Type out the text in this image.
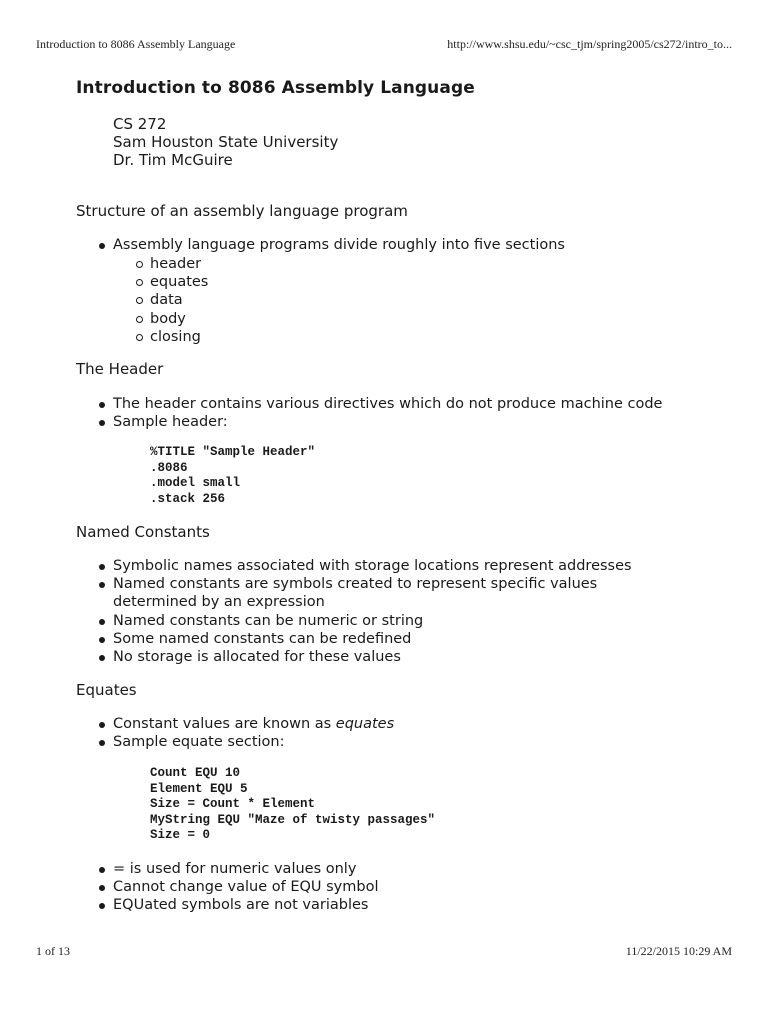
Introduction to 8086 Assembly Language	http://www.shsu.edu/~csc_tjm/spring2005/cs272/intro_to...
Introduction to 8086 Assembly Language
CS 272
Sam Houston State University
Dr. Tim McGuire
Structure of an assembly language program
Assembly language programs divide roughly into five sections
header
equates
data
body
closing
The Header
The header contains various directives which do not produce machine code
Sample header:
%TITLE "Sample Header"
.8086
.model small
.stack 256
Named Constants
Symbolic names associated with storage locations represent addresses
Named constants are symbols created to represent specific values
determined by an expression
Named constants can be numeric or string
Some named constants can be redefined
No storage is allocated for these values
Equates
Constant values are known as equates
Sample equate section:
Count EQU 10
Element EQU 5
Size = Count * Element
MyString EQU "Maze of twisty passages"
Size = 0
= is used for numeric values only
Cannot change value of EQU symbol
EQUated symbols are not variables
1 of 13	11/22/2015 10:29 AM
